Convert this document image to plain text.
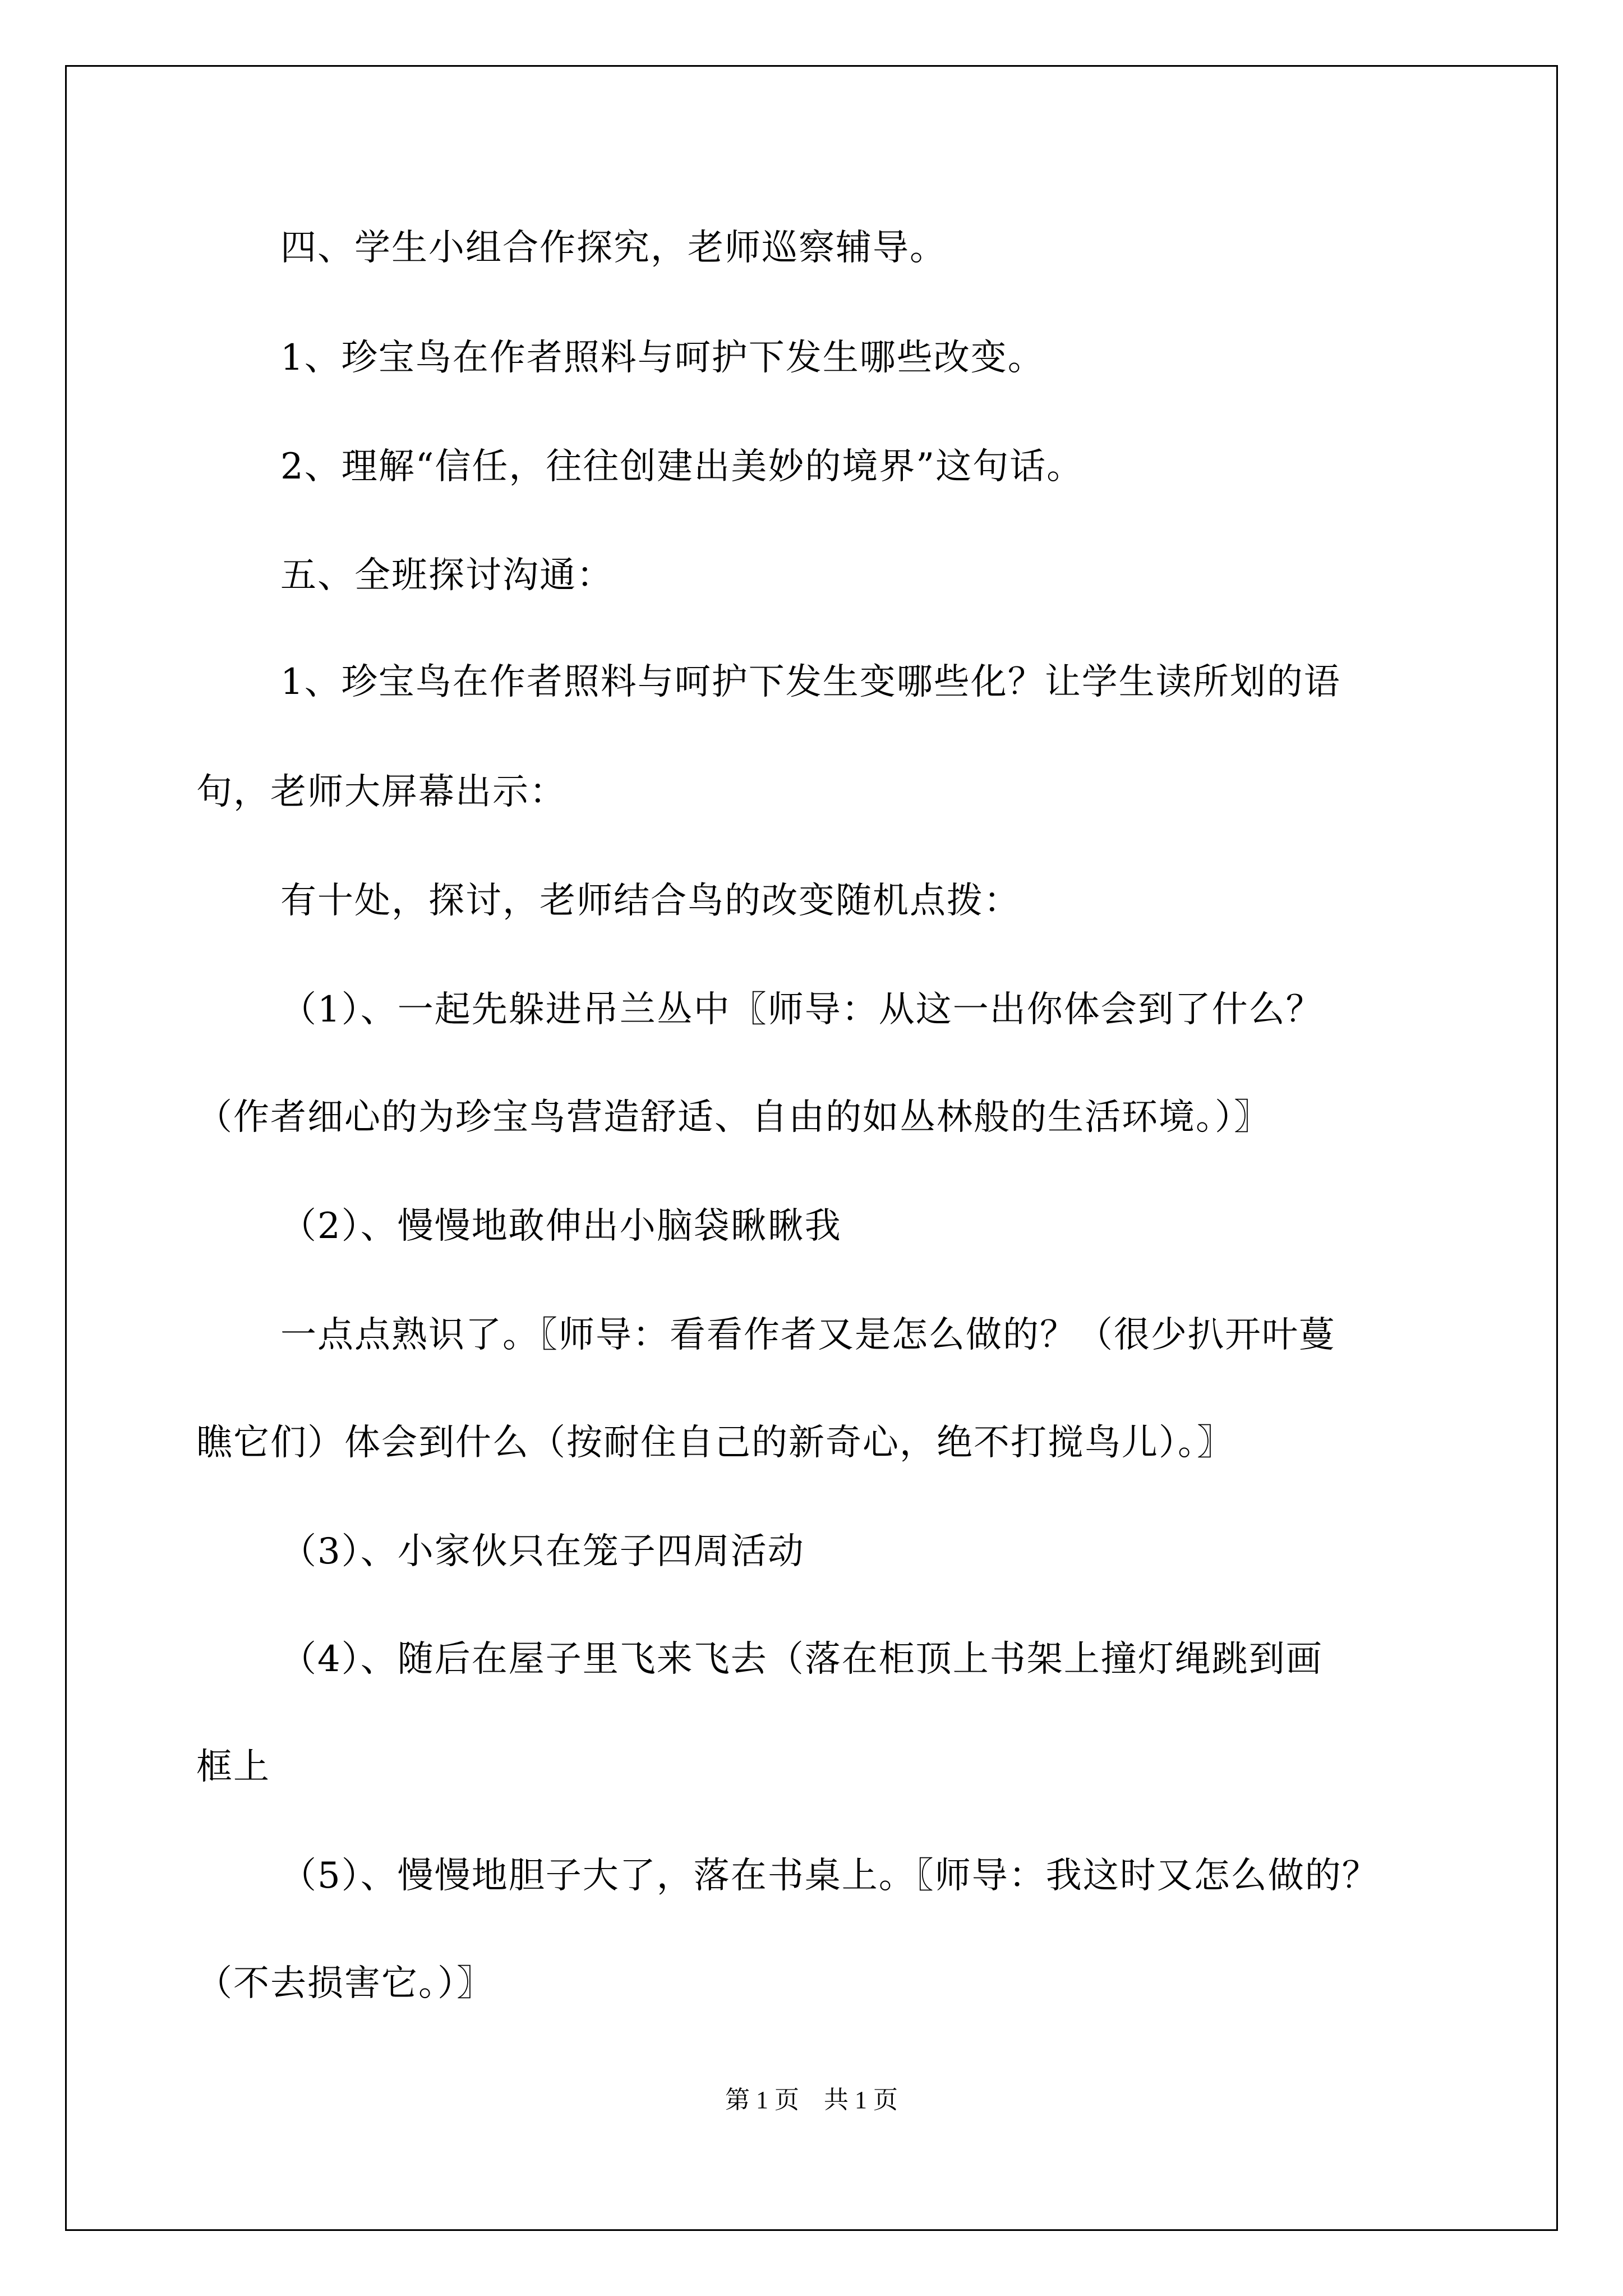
四、学生小组合作探究，老师巡察辅导。
1、珍宝鸟在作者照料与呵护下发生哪些改变。
2、理解“信任，往往创建出美妙的境界”这句话。
五、全班探讨沟通：
1、珍宝鸟在作者照料与呵护下发生变哪些化？让学生读所划的语
句，老师大屏幕出示：
有十处，探讨，老师结合鸟的改变随机点拨：
（1）、一起先躲进吊兰丛中〖师导：从这一出你体会到了什么？
（作者细心的为珍宝鸟营造舒适、自由的如丛林般的生活环境。）〗
（2）、慢慢地敢伸出小脑袋瞅瞅我
一点点熟识了。〖师导：看看作者又是怎么做的？（很少扒开叶蔓
瞧它们）体会到什么（按耐住自己的新奇心，绝不打搅鸟儿）。〗
（3）、小家伙只在笼子四周活动
（4）、随后在屋子里飞来飞去（落在柜顶上书架上撞灯绳跳到画
框上
（5）、慢慢地胆子大了，落在书桌上。〖师导：我这时又怎么做的？
（不去损害它。）〗
第 1 页　共 1 页
